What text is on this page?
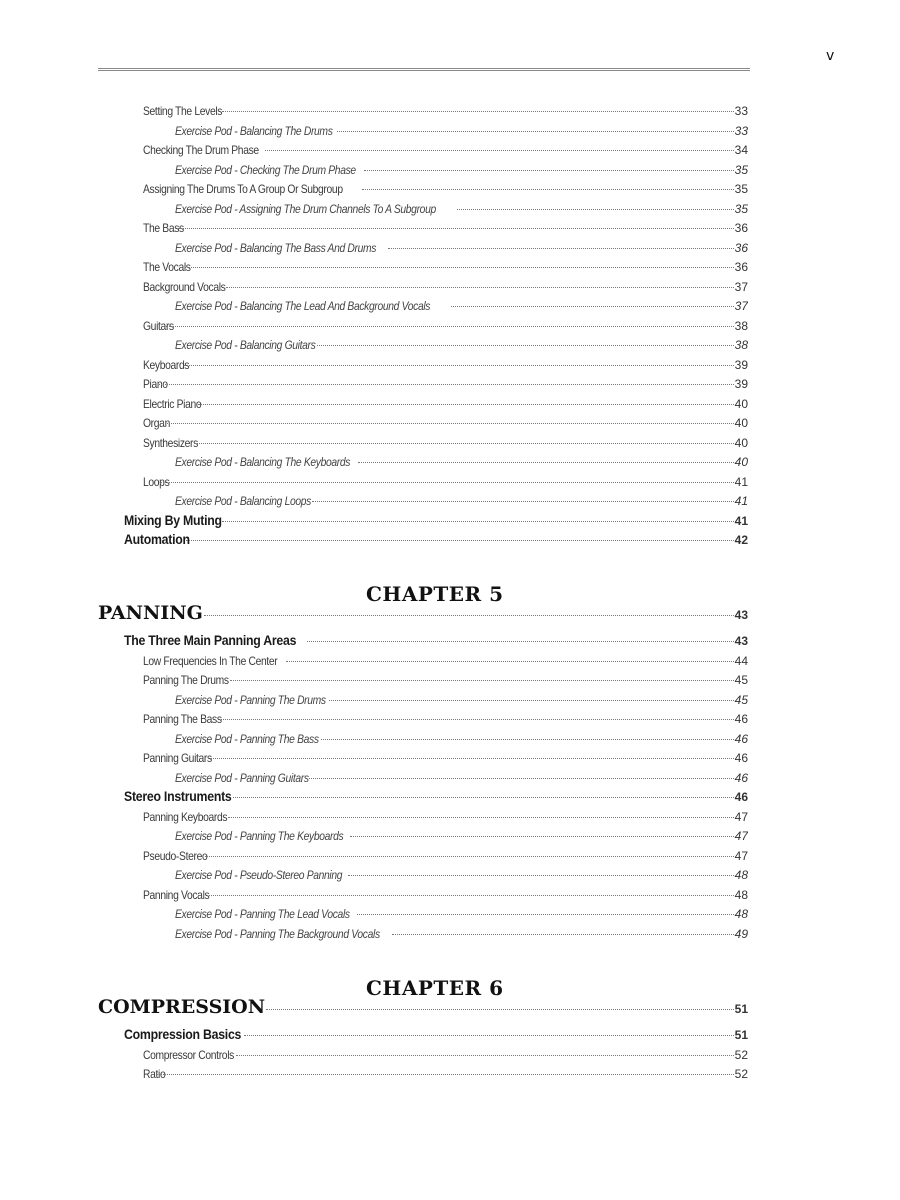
v
Setting The Levels	33
Exercise Pod - Balancing The Drums	33
Checking The Drum Phase	34
Exercise Pod - Checking The Drum Phase	35
Assigning The Drums To A Group Or Subgroup	35
Exercise Pod - Assigning The Drum Channels To A Subgroup	35
The Bass	36
Exercise Pod - Balancing The Bass And Drums	36
The Vocals	36
Background Vocals	37
Exercise Pod - Balancing The Lead And Background Vocals	37
Guitars	38
Exercise Pod - Balancing Guitars	38
Keyboards	39
Piano	39
Electric Piano	40
Organ	40
Synthesizers	40
Exercise Pod - Balancing The Keyboards	40
Loops	41
Exercise Pod - Balancing Loops	41
Mixing By Muting	41
Automation	42
CHAPTER 5
PANNING	43
The Three Main Panning Areas	43
Low Frequencies In The Center	44
Panning The Drums	45
Exercise Pod - Panning The Drums	45
Panning The Bass	46
Exercise Pod - Panning The Bass	46
Panning Guitars	46
Exercise Pod - Panning Guitars	46
Stereo Instruments	46
Panning Keyboards	47
Exercise Pod - Panning The Keyboards	47
Pseudo-Stereo	47
Exercise Pod - Pseudo-Stereo Panning	48
Panning Vocals	48
Exercise Pod - Panning The Lead Vocals	48
Exercise Pod - Panning The Background Vocals	49
CHAPTER 6
COMPRESSION	51
Compression Basics	51
Compressor Controls	52
Ratio	52
